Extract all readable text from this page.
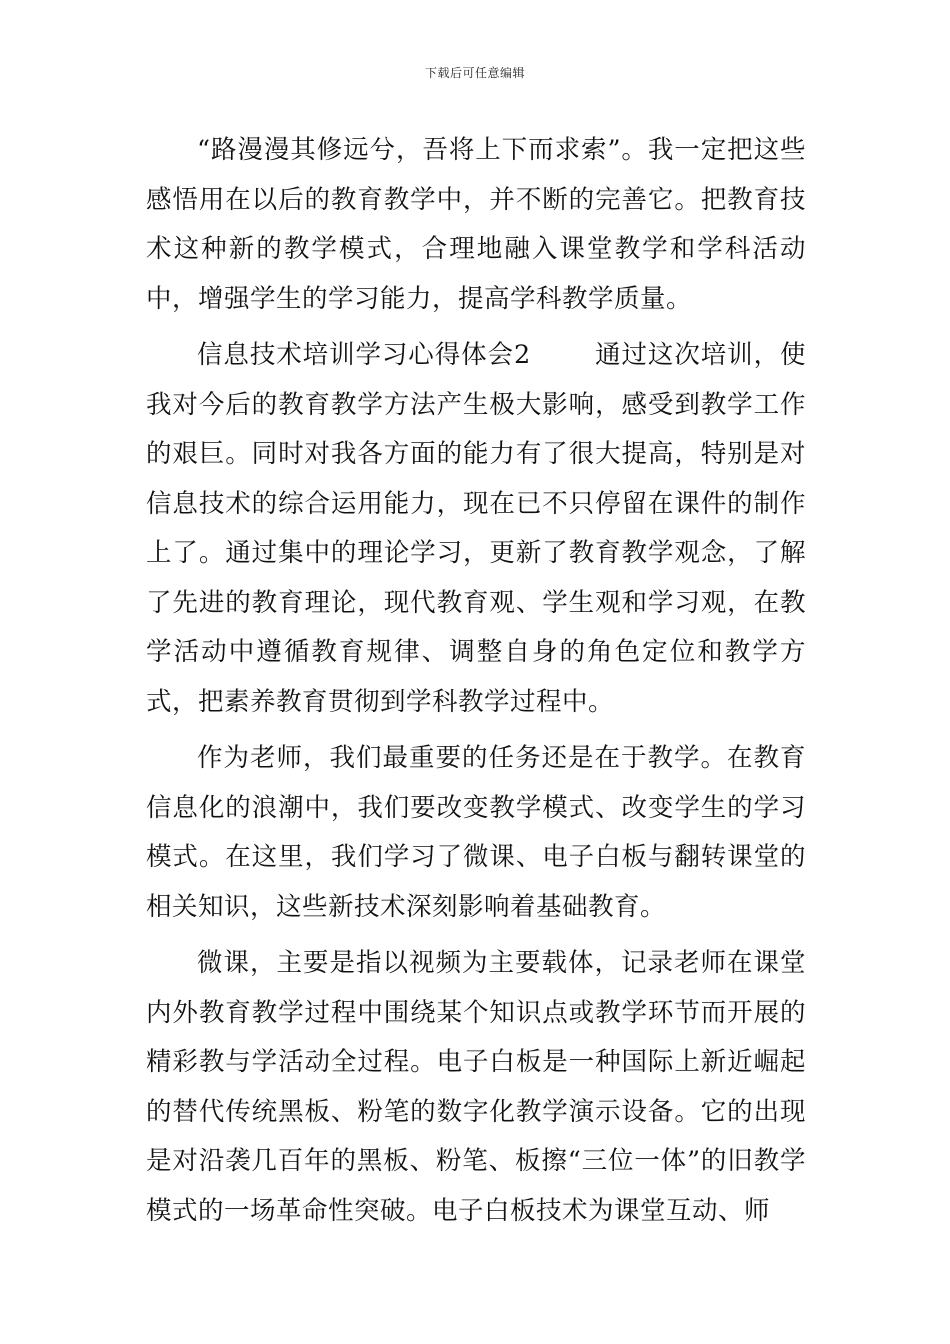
下载后可任意编辑

“路漫漫其修远兮，吾将上下而求索”。我一定把这些感悟用在以后的教育教学中，并不断的完善它。把教育技术这种新的教学模式，合理地融入课堂教学和学科活动中，增强学生的学习能力，提高学科教学质量。

信息技术培训学习心得体会2	通过这次培训，使我对今后的教育教学方法产生极大影响，感受到教学工作的艰巨。同时对我各方面的能力有了很大提高，特别是对信息技术的综合运用能力，现在已不只停留在课件的制作上了。通过集中的理论学习，更新了教育教学观念，了解了先进的教育理论，现代教育观、学生观和学习观，在教学活动中遵循教育规律、调整自身的角色定位和教学方式，把素养教育贯彻到学科教学过程中。

作为老师，我们最重要的任务还是在于教学。在教育信息化的浪潮中，我们要改变教学模式、改变学生的学习模式。在这里，我们学习了微课、电子白板与翻转课堂的相关知识，这些新技术深刻影响着基础教育。

微课，主要是指以视频为主要载体，记录老师在课堂内外教育教学过程中围绕某个知识点或教学环节而开展的精彩教与学活动全过程。电子白板是一种国际上新近崛起的替代传统黑板、粉笔的数字化教学演示设备。它的出现是对沿袭几百年的黑板、粉笔、板擦“三位一体”的旧教学模式的一场革命性突破。电子白板技术为课堂互动、师
